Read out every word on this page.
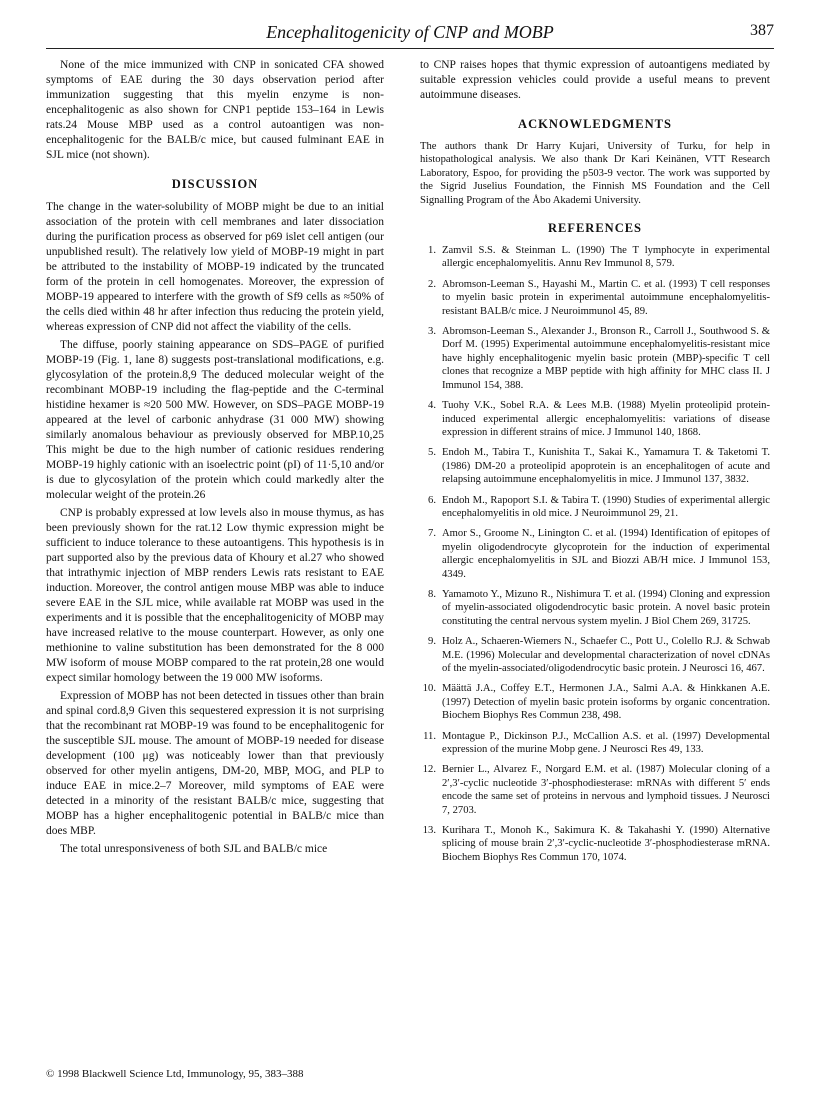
Encephalitogenicity of CNP and MOBP	387

None of the mice immunized with CNP in sonicated CFA showed symptoms of EAE during the 30 days observation period after immunization suggesting that this myelin enzyme is non-encephalitogenic as also shown for CNP1 peptide 153–164 in Lewis rats.24 Mouse MBP used as a control autoantigen was non-encephalitogenic for the BALB/c mice, but caused fulminant EAE in SJL mice (not shown).

DISCUSSION

The change in the water-solubility of MOBP might be due to an initial association of the protein with cell membranes and later dissociation during the purification process as observed for p69 islet cell antigen (our unpublished result). The relatively low yield of MOBP-19 might in part be attributed to the instability of MOBP-19 indicated by the truncated form of the protein in cell homogenates. Moreover, the expression of MOBP-19 appeared to interfere with the growth of Sf9 cells as ≈50% of the cells died within 48 hr after infection thus reducing the protein yield, whereas expression of CNP did not affect the viability of the cells.

The diffuse, poorly staining appearance on SDS–PAGE of purified MOBP-19 (Fig. 1, lane 8) suggests post-translational modifications, e.g. glycosylation of the protein.8,9 The deduced molecular weight of the recombinant MOBP-19 including the flag-peptide and the C-terminal histidine hexamer is ≈20 500 MW. However, on SDS–PAGE MOBP-19 appeared at the level of carbonic anhydrase (31 000 MW) showing similarly anomalous behaviour as previously observed for MBP.10,25 This might be due to the high number of cationic residues rendering MOBP-19 highly cationic with an isoelectric point (pI) of 11·5,10 and/or is due to glycosylation of the protein which could markedly alter the molecular weight of the protein.26

CNP is probably expressed at low levels also in mouse thymus, as has been previously shown for the rat.12 Low thymic expression might be sufficient to induce tolerance to these autoantigens. This hypothesis is in part supported also by the previous data of Khoury et al.27 who showed that intrathymic injection of MBP renders Lewis rats resistant to EAE induction. Moreover, the control antigen mouse MBP was able to induce severe EAE in the SJL mice, while available rat MOBP was used in the experiments and it is possible that the encephalitogenicity of MOBP may have increased relative to the mouse counterpart. However, as only one methionine to valine substitution has been demonstrated for the 8 000 MW isoform of mouse MOBP compared to the rat protein,28 one would expect similar homology between the 19 000 MW isoforms.

Expression of MOBP has not been detected in tissues other than brain and spinal cord.8,9 Given this sequestered expression it is not surprising that the recombinant rat MOBP-19 was found to be encephalitogenic for the susceptible SJL mouse. The amount of MOBP-19 needed for disease development (100 μg) was noticeably lower than that previously observed for other myelin antigens, DM-20, MBP, MOG, and PLP to induce EAE in mice.2–7 Moreover, mild symptoms of EAE were detected in a minority of the resistant BALB/c mice, suggesting that MOBP has a higher encephalitogenic potential in BALB/c mice than does MBP.

The total unresponsiveness of both SJL and BALB/c mice

to CNP raises hopes that thymic expression of autoantigens mediated by suitable expression vehicles could provide a useful means to prevent autoimmune diseases.

ACKNOWLEDGMENTS

The authors thank Dr Harry Kujari, University of Turku, for help in histopathological analysis. We also thank Dr Kari Keinänen, VTT Research Laboratory, Espoo, for providing the p503-9 vector. The work was supported by the Sigrid Juselius Foundation, the Finnish MS Foundation and the Cell Signalling Program of the Åbo Akademi University.

REFERENCES
1. Zamvil S.S. & Steinman L. (1990) The T lymphocyte in experimental allergic encephalomyelitis. Annu Rev Immunol 8, 579.
2. Abromson-Leeman S., Hayashi M., Martin C. et al. (1993) T cell responses to myelin basic protein in experimental autoimmune encephalomyelitis-resistant BALB/c mice. J Neuroimmunol 45, 89.
3. Abromson-Leeman S., Alexander J., Bronson R., Carroll J., Southwood S. & Dorf M. (1995) Experimental autoimmune encephalomyelitis-resistant mice have highly encephalitogenic myelin basic protein (MBP)-specific T cell clones that recognize a MBP peptide with high affinity for MHC class II. J Immunol 154, 388.
4. Tuohy V.K., Sobel R.A. & Lees M.B. (1988) Myelin proteolipid protein-induced experimental allergic encephalomyelitis: variations of disease expression in different strains of mice. J Immunol 140, 1868.
5. Endoh M., Tabira T., Kunishita T., Sakai K., Yamamura T. & Taketomi T. (1986) DM-20 a proteolipid apoprotein is an encephalitogen of acute and relapsing autoimmune encephalomyelitis in mice. J Immunol 137, 3832.
6. Endoh M., Rapoport S.I. & Tabira T. (1990) Studies of experimental allergic encephalomyelitis in old mice. J Neuroimmunol 29, 21.
7. Amor S., Groome N., Linington C. et al. (1994) Identification of epitopes of myelin oligodendrocyte glycoprotein for the induction of experimental allergic encephalomyelitis in SJL and Biozzi AB/H mice. J Immunol 153, 4349.
8. Yamamoto Y., Mizuno R., Nishimura T. et al. (1994) Cloning and expression of myelin-associated oligodendrocytic basic protein. A novel basic protein constituting the central nervous system myelin. J Biol Chem 269, 31725.
9. Holz A., Schaeren-Wiemers N., Schaefer C., Pott U., Colello R.J. & Schwab M.E. (1996) Molecular and developmental characterization of novel cDNAs of the myelin-associated/oligodendrocytic basic protein. J Neurosci 16, 467.
10. Määttä J.A., Coffey E.T., Hermonen J.A., Salmi A.A. & Hinkkanen A.E. (1997) Detection of myelin basic protein isoforms by organic concentration. Biochem Biophys Res Commun 238, 498.
11. Montague P., Dickinson P.J., McCallion A.S. et al. (1997) Developmental expression of the murine Mobp gene. J Neurosci Res 49, 133.
12. Bernier L., Alvarez F., Norgard E.M. et al. (1987) Molecular cloning of a 2′,3′-cyclic nucleotide 3′-phosphodiesterase: mRNAs with different 5′ ends encode the same set of proteins in nervous and lymphoid tissues. J Neurosci 7, 2703.
13. Kurihara T., Monoh K., Sakimura K. & Takahashi Y. (1990) Alternative splicing of mouse brain 2′,3′-cyclic-nucleotide 3′-phosphodiesterase mRNA. Biochem Biophys Res Commun 170, 1074.
© 1998 Blackwell Science Ltd, Immunology, 95, 383–388
